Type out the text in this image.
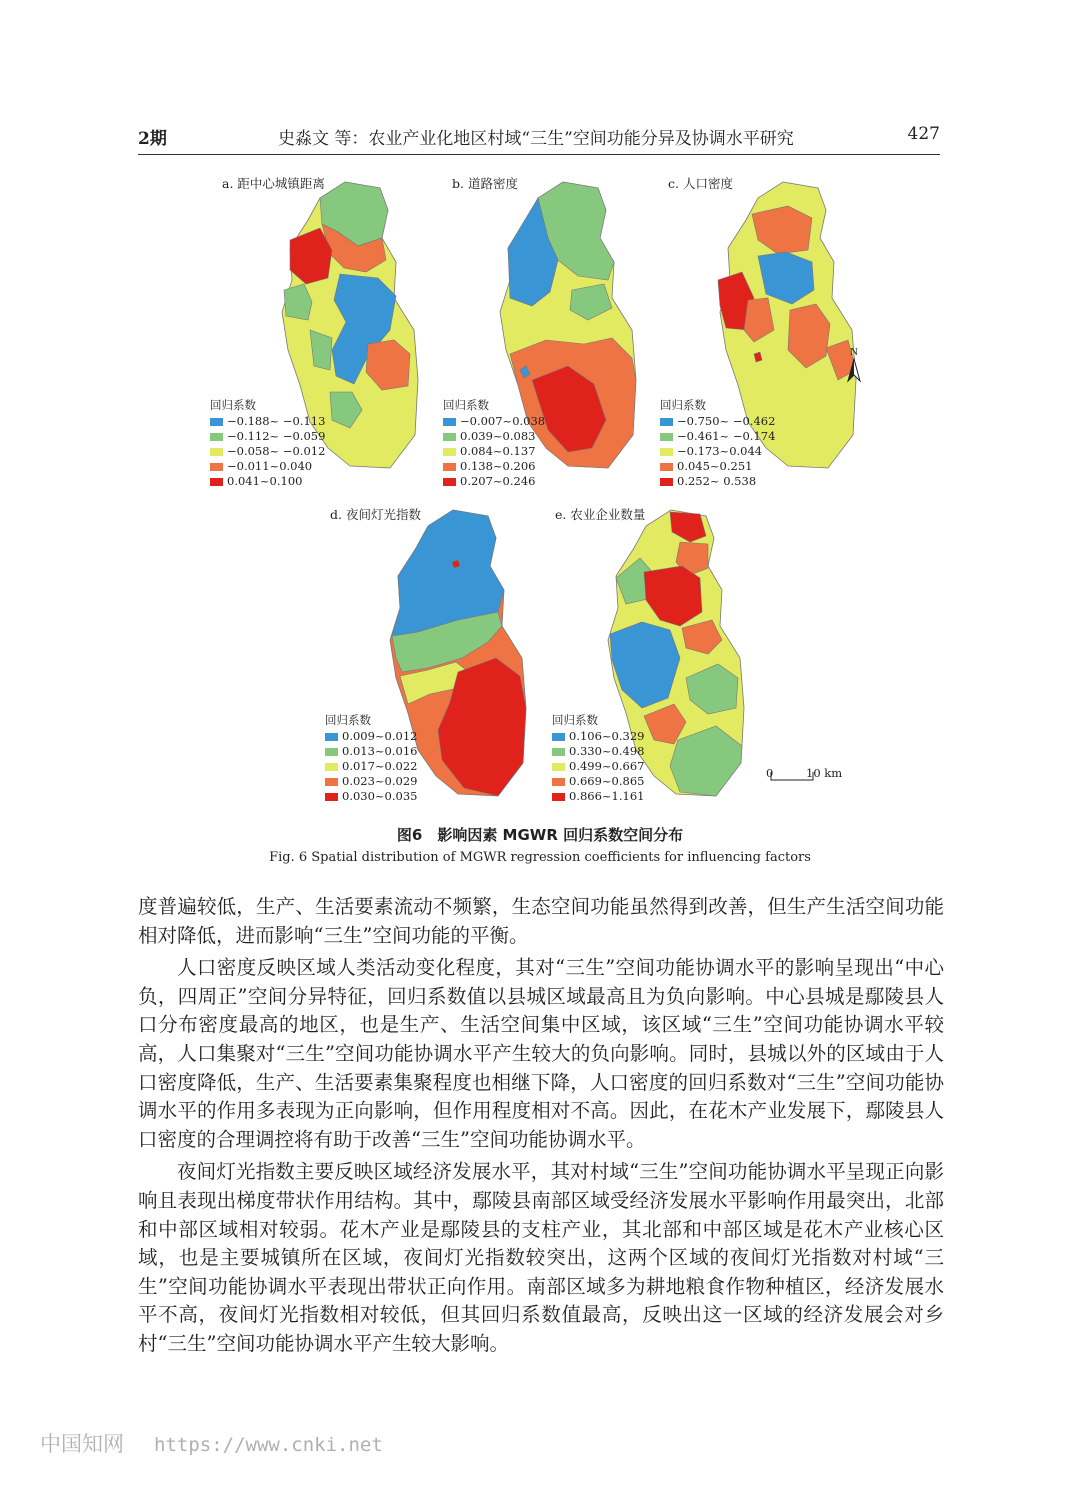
2期	史淼文 等：农业产业化地区村域“三生”空间功能分异及协调水平研究	427
a. 距中心城镇距离
回归系数
−0.188~ −0.113
−0.112~ −0.059
−0.058~ −0.012
−0.011~0.040
0.041~0.100
b. 道路密度
回归系数
−0.007~0.038
0.039~0.083
0.084~0.137
0.138~0.206
0.207~0.246
c. 人口密度
回归系数
−0.750~ −0.462
−0.461~ −0.174
−0.173~0.044
0.045~0.251
0.252~ 0.538
N
d. 夜间灯光指数
回归系数
0.009~0.012
0.013~0.016
0.017~0.022
0.023~0.029
0.030~0.035
e. 农业企业数量
回归系数
0.106~0.329
0.330~0.498
0.499~0.667
0.669~0.865
0.866~1.161
0	10 km
图6　影响因素 MGWR 回归系数空间分布
Fig. 6 Spatial distribution of MGWR regression coefficients for influencing factors

度普遍较低，生产、生活要素流动不频繁，生态空间功能虽然得到改善，但生产生活空间功能相对降低，进而影响“三生”空间功能的平衡。

人口密度反映区域人类活动变化程度，其对“三生”空间功能协调水平的影响呈现出“中心负，四周正”空间分异特征，回归系数值以县城区域最高且为负向影响。中心县城是鄢陵县人口分布密度最高的地区，也是生产、生活空间集中区域，该区域“三生”空间功能协调水平较高，人口集聚对“三生”空间功能协调水平产生较大的负向影响。同时，县城以外的区域由于人口密度降低，生产、生活要素集聚程度也相继下降，人口密度的回归系数对“三生”空间功能协调水平的作用多表现为正向影响，但作用程度相对不高。因此，在花木产业发展下，鄢陵县人口密度的合理调控将有助于改善“三生”空间功能协调水平。

夜间灯光指数主要反映区域经济发展水平，其对村域“三生”空间功能协调水平呈现正向影响且表现出梯度带状作用结构。其中，鄢陵县南部区域受经济发展水平影响作用最突出，北部和中部区域相对较弱。花木产业是鄢陵县的支柱产业，其北部和中部区域是花木产业核心区域，也是主要城镇所在区域，夜间灯光指数较突出，这两个区域的夜间灯光指数对村域“三生”空间功能协调水平表现出带状正向作用。南部区域多为耕地粮食作物种植区，经济发展水平不高，夜间灯光指数相对较低，但其回归系数值最高，反映出这一区域的经济发展会对乡村“三生”空间功能协调水平产生较大影响。

中国知网 https://www.cnki.net
